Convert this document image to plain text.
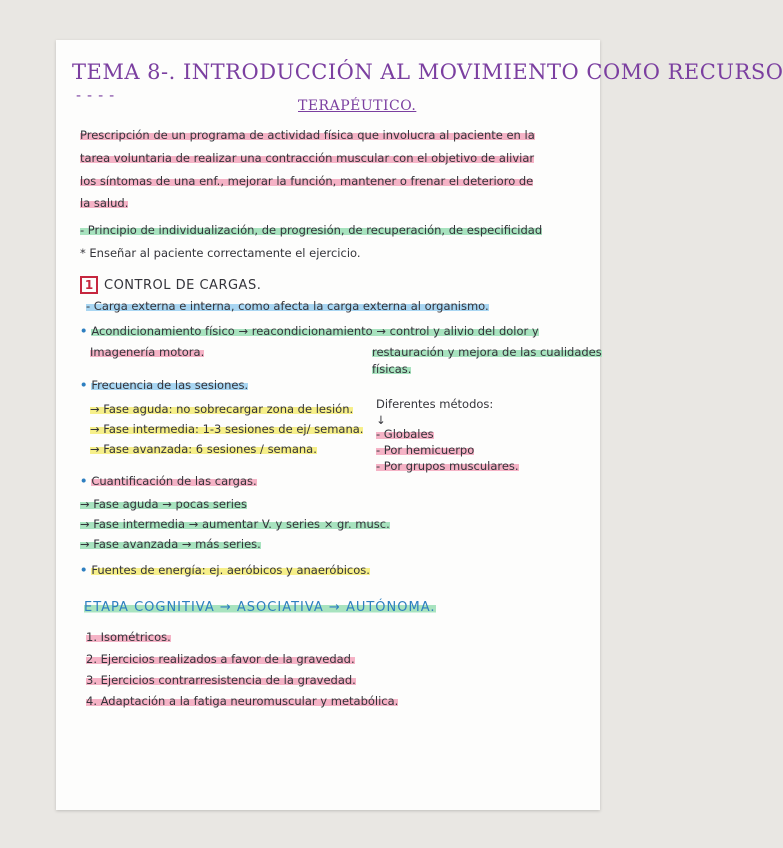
TEMA 8-. INTRODUCCIÓN AL MOVIMIENTO COMO RECURSO
----
TERAPÉUTICO.
Prescripción de un programa de actividad física que involucra al paciente en la
tarea voluntaria de realizar una contracción muscular con el objetivo de aliviar
los síntomas de una enf., mejorar la función, mantener o frenar el deterioro de
la salud.
- Principio de individualización, de progresión, de recuperación, de especificidad
* Enseñar al paciente correctamente el ejercicio.
1 CONTROL DE CARGAS.
- Carga externa e interna, como afecta la carga externa al organismo.
• Acondicionamiento físico → reacondicionamiento → control y alivio del dolor y
Imagenería motora.	restauración y mejora de las cualidades
físicas.
• Frecuencia de las sesiones.
→ Fase aguda: no sobrecargar zona de lesión.
→ Fase intermedia: 1-3 sesiones de ej/ semana.
→ Fase avanzada: 6 sesiones / semana.
Diferentes métodos:
↓
- Globales
- Por hemicuerpo
- Por grupos musculares.
• Cuantificación de las cargas.
→ Fase aguda → pocas series
→ Fase intermedia → aumentar V. y series × gr. musc.
→ Fase avanzada → más series.
• Fuentes de energía: ej. aeróbicos y anaeróbicos.
ETAPA COGNITIVA → ASOCIATIVA → AUTÓNOMA.
1. Isométricos.
2. Ejercicios realizados a favor de la gravedad.
3. Ejercicios contrarresistencia de la gravedad.
4. Adaptación a la fatiga neuromuscular y metabólica.
